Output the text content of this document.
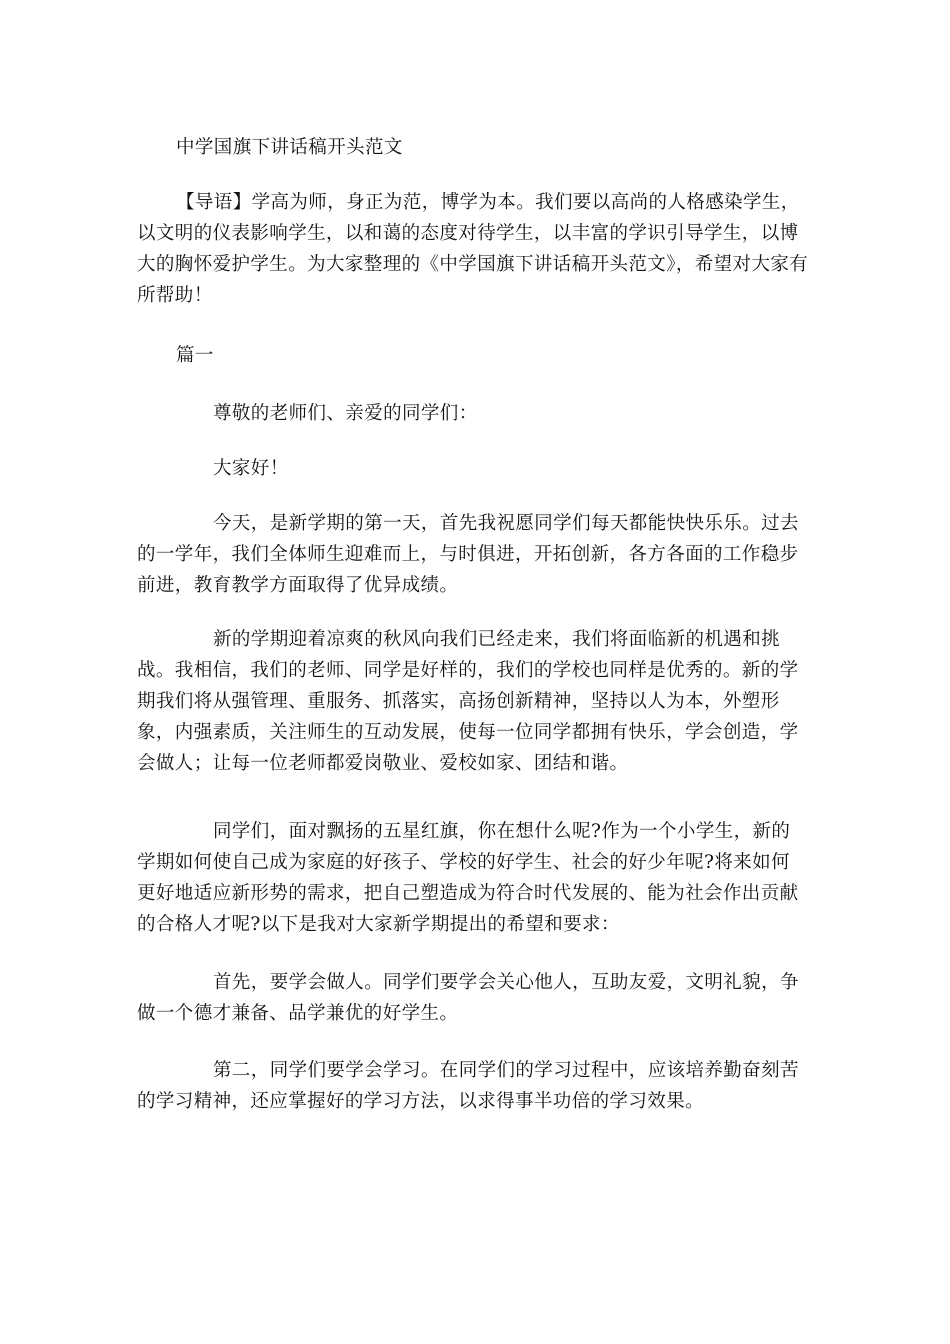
中学国旗下讲话稿开头范文

【导语】学高为师，身正为范，博学为本。我们要以高尚的人格感染学生，以文明的仪表影响学生，以和蔼的态度对待学生，以丰富的学识引导学生，以博大的胸怀爱护学生。为大家整理的《中学国旗下讲话稿开头范文》，希望对大家有所帮助！

篇一

尊敬的老师们、亲爱的同学们：

大家好！

今天，是新学期的第一天，首先我祝愿同学们每天都能快快乐乐。过去的一学年，我们全体师生迎难而上，与时俱进，开拓创新，各方各面的工作稳步前进，教育教学方面取得了优异成绩。

新的学期迎着凉爽的秋风向我们已经走来，我们将面临新的机遇和挑战。我相信，我们的老师、同学是好样的，我们的学校也同样是优秀的。新的学期我们将从强管理、重服务、抓落实，高扬创新精神，坚持以人为本，外塑形象，内强素质，关注师生的互动发展，使每一位同学都拥有快乐，学会创造，学会做人；让每一位老师都爱岗敬业、爱校如家、团结和谐。

同学们，面对飘扬的五星红旗，你在想什么呢?作为一个小学生，新的学期如何使自己成为家庭的好孩子、学校的好学生、社会的好少年呢?将来如何更好地适应新形势的需求，把自己塑造成为符合时代发展的、能为社会作出贡献的合格人才呢?以下是我对大家新学期提出的希望和要求：

首先，要学会做人。同学们要学会关心他人，互助友爱，文明礼貌，争做一个德才兼备、品学兼优的好学生。

第二，同学们要学会学习。在同学们的学习过程中，应该培养勤奋刻苦的学习精神，还应掌握好的学习方法，以求得事半功倍的学习效果。
